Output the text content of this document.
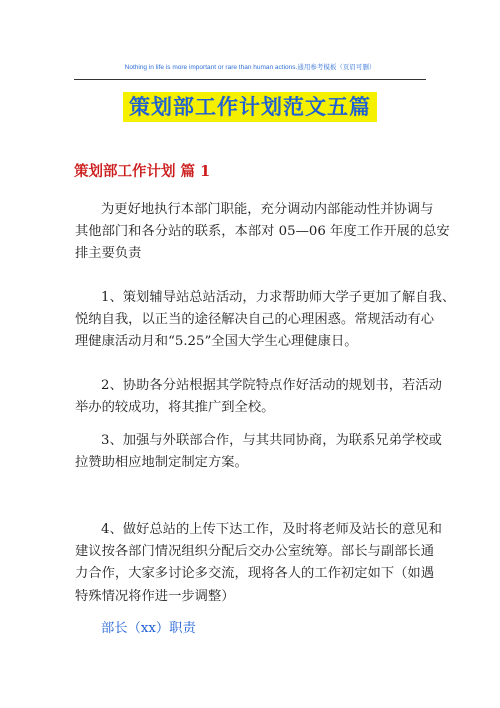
Nothing in life is more important or rare than human actions.通用参考模板（页眉可删）
策划部工作计划范文五篇
策划部工作计划 篇 1
为更好地执行本部门职能，充分调动内部能动性并协调与
其他部门和各分站的联系，本部对 05—06 年度工作开展的总安
排主要负责
1、策划辅导站总站活动，力求帮助师大学子更加了解自我、
悦纳自我，以正当的途径解决自己的心理困惑。常规活动有心
理健康活动月和“5.25”全国大学生心理健康日。
2、协助各分站根据其学院特点作好活动的规划书，若活动
举办的较成功，将其推广到全校。
3、加强与外联部合作，与其共同协商，为联系兄弟学校或
拉赞助相应地制定制定方案。
4、做好总站的上传下达工作，及时将老师及站长的意见和
建议按各部门情况组织分配后交办公室统筹。部长与副部长通
力合作，大家多讨论多交流，现将各人的工作初定如下（如遇
特殊情况将作进一步调整）
部长（xx）职责
